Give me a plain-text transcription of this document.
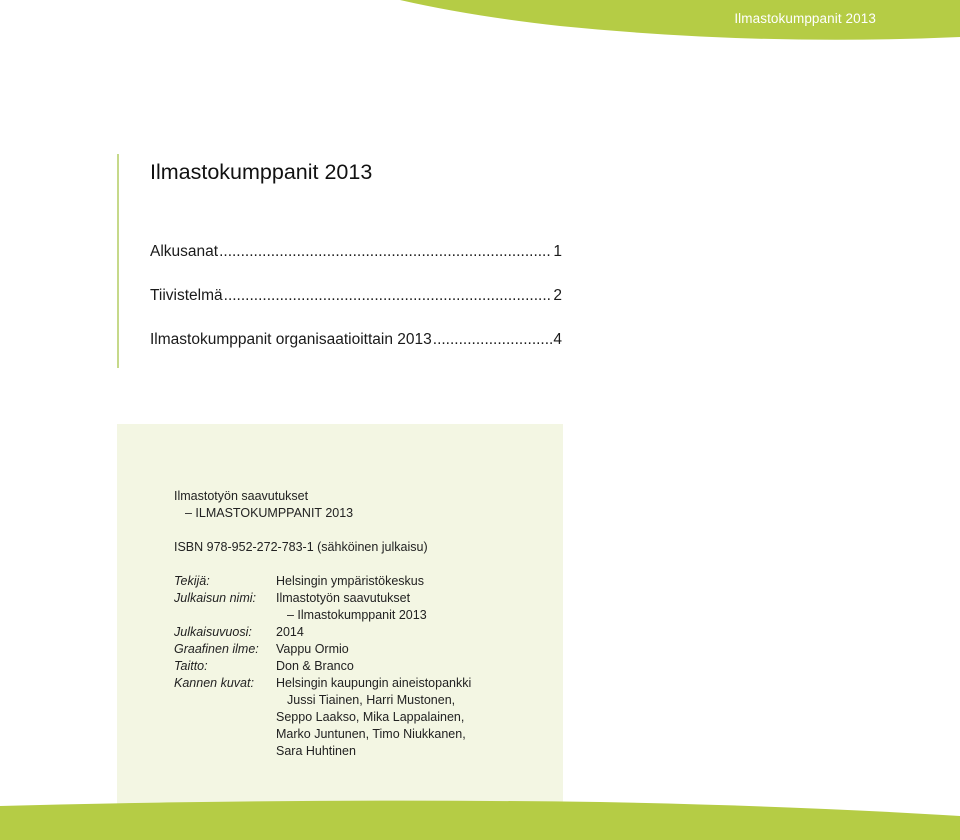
Ilmastokumppanit 2013
Ilmastokumppanit 2013
Alkusanat .....	1
Tiivistelmä .....	2
Ilmastokumppanit organisaatioittain 2013 .....	4
Ilmastotyön saavutukset
– ILMASTOKUMPPANIT 2013
ISBN 978-952-272-783-1 (sähköinen julkaisu)
Tekijä:	Helsingin ympäristökeskus
Julkaisun nimi:	Ilmastotyön saavutukset
– Ilmastokumppanit 2013
Julkaisuvuosi:	2014
Graafinen ilme:	Vappu Ormio
Taitto:	Don & Branco
Kannen kuvat:	Helsingin kaupungin aineistopankki
Jussi Tiainen, Harri Mustonen,
Seppo Laakso, Mika Lappalainen,
Marko Juntunen, Timo Niukkanen,
Sara Huhtinen
